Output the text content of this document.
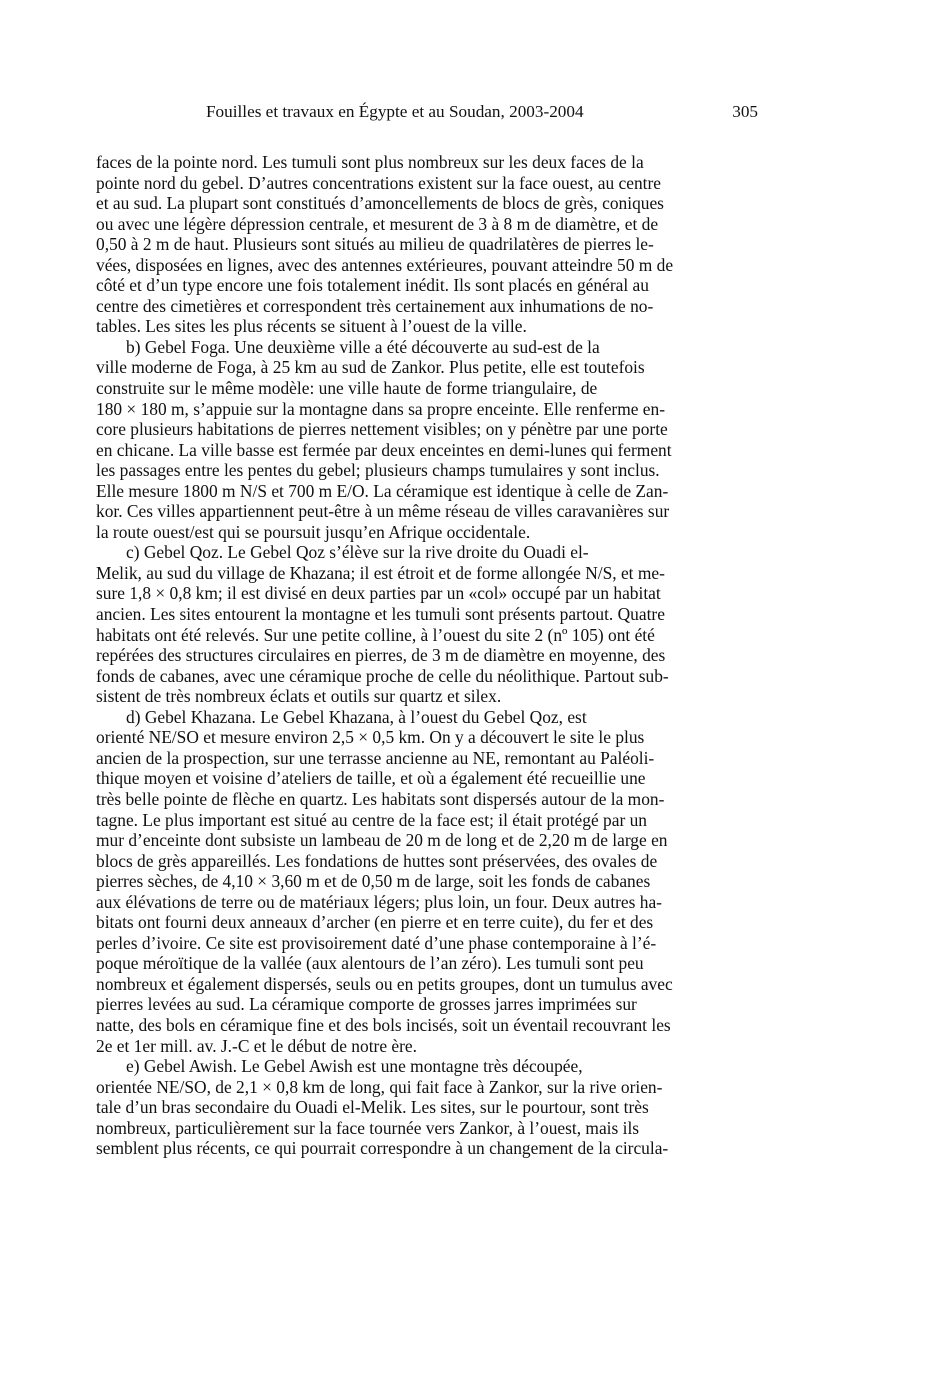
Fouilles et travaux en Égypte et au Soudan, 2003-2004	305
faces de la pointe nord. Les tumuli sont plus nombreux sur les deux faces de la
pointe nord du gebel. D’autres concentrations existent sur la face ouest, au centre
et au sud. La plupart sont constitués d’amoncellements de blocs de grès, coniques
ou avec une légère dépression centrale, et mesurent de 3 à 8 m de diamètre, et de
0,50 à 2 m de haut. Plusieurs sont situés au milieu de quadrilatères de pierres le-
vées, disposées en lignes, avec des antennes extérieures, pouvant atteindre 50 m de
côté et d’un type encore une fois totalement inédit. Ils sont placés en général au
centre des cimetières et correspondent très certainement aux inhumations de no-
tables. Les sites les plus récents se situent à l’ouest de la ville.
b) Gebel Foga. Une deuxième ville a été découverte au sud-est de la
ville moderne de Foga, à 25 km au sud de Zankor. Plus petite, elle est toutefois
construite sur le même modèle: une ville haute de forme triangulaire, de
180 × 180 m, s’appuie sur la montagne dans sa propre enceinte. Elle renferme en-
core plusieurs habitations de pierres nettement visibles; on y pénètre par une porte
en chicane. La ville basse est fermée par deux enceintes en demi-lunes qui ferment
les passages entre les pentes du gebel; plusieurs champs tumulaires y sont inclus.
Elle mesure 1800 m N/S et 700 m E/O. La céramique est identique à celle de Zan-
kor. Ces villes appartiennent peut-être à un même réseau de villes caravanières sur
la route ouest/est qui se poursuit jusqu’en Afrique occidentale.
c) Gebel Qoz. Le Gebel Qoz s’élève sur la rive droite du Ouadi el-
Melik, au sud du village de Khazana; il est étroit et de forme allongée N/S, et me-
sure 1,8 × 0,8 km; il est divisé en deux parties par un «col» occupé par un habitat
ancien. Les sites entourent la montagne et les tumuli sont présents partout. Quatre
habitats ont été relevés. Sur une petite colline, à l’ouest du site 2 (nº 105) ont été
repérées des structures circulaires en pierres, de 3 m de diamètre en moyenne, des
fonds de cabanes, avec une céramique proche de celle du néolithique. Partout sub-
sistent de très nombreux éclats et outils sur quartz et silex.
d) Gebel Khazana. Le Gebel Khazana, à l’ouest du Gebel Qoz, est
orienté NE/SO et mesure environ 2,5 × 0,5 km. On y a découvert le site le plus
ancien de la prospection, sur une terrasse ancienne au NE, remontant au Paléoli-
thique moyen et voisine d’ateliers de taille, et où a également été recueillie une
très belle pointe de flèche en quartz. Les habitats sont dispersés autour de la mon-
tagne. Le plus important est situé au centre de la face est; il était protégé par un
mur d’enceinte dont subsiste un lambeau de 20 m de long et de 2,20 m de large en
blocs de grès appareillés. Les fondations de huttes sont préservées, des ovales de
pierres sèches, de 4,10 × 3,60 m et de 0,50 m de large, soit les fonds de cabanes
aux élévations de terre ou de matériaux légers; plus loin, un four. Deux autres ha-
bitats ont fourni deux anneaux d’archer (en pierre et en terre cuite), du fer et des
perles d’ivoire. Ce site est provisoirement daté d’une phase contemporaine à l’é-
poque méroïtique de la vallée (aux alentours de l’an zéro). Les tumuli sont peu
nombreux et également dispersés, seuls ou en petits groupes, dont un tumulus avec
pierres levées au sud. La céramique comporte de grosses jarres imprimées sur
natte, des bols en céramique fine et des bols incisés, soit un éventail recouvrant les
2e et 1er mill. av. J.-C et le début de notre ère.
e) Gebel Awish. Le Gebel Awish est une montagne très découpée,
orientée NE/SO, de 2,1 × 0,8 km de long, qui fait face à Zankor, sur la rive orien-
tale d’un bras secondaire du Ouadi el-Melik. Les sites, sur le pourtour, sont très
nombreux, particulièrement sur la face tournée vers Zankor, à l’ouest, mais ils
semblent plus récents, ce qui pourrait correspondre à un changement de la circula-
